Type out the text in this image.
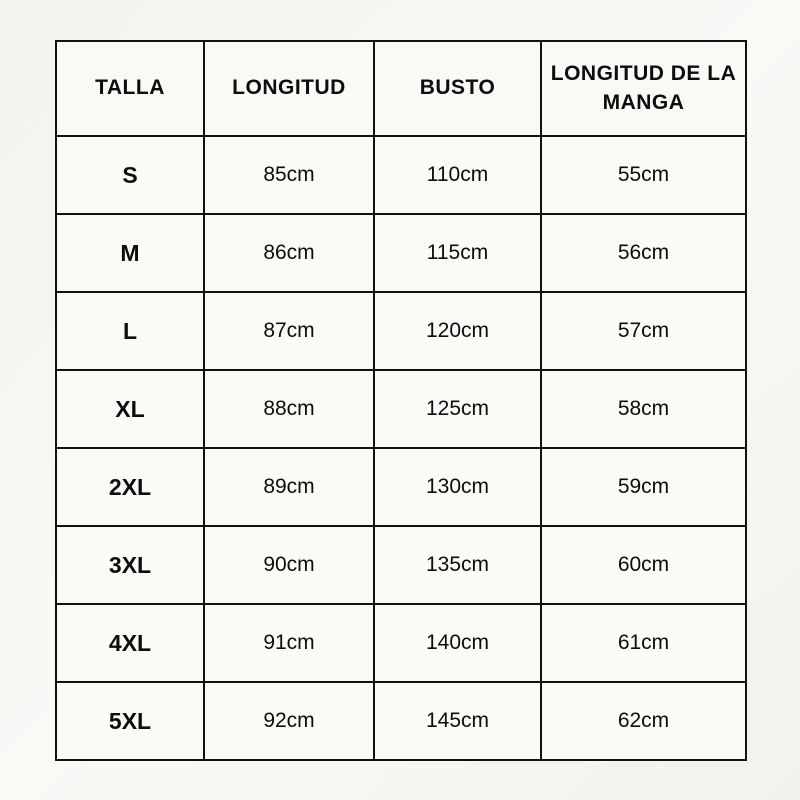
TALLA	LONGITUD	BUSTO	LONGITUD DE LA MANGA
S	85cm	110cm	55cm
M	86cm	115cm	56cm
L	87cm	120cm	57cm
XL	88cm	125cm	58cm
2XL	89cm	130cm	59cm
3XL	90cm	135cm	60cm
4XL	91cm	140cm	61cm
5XL	92cm	145cm	62cm
